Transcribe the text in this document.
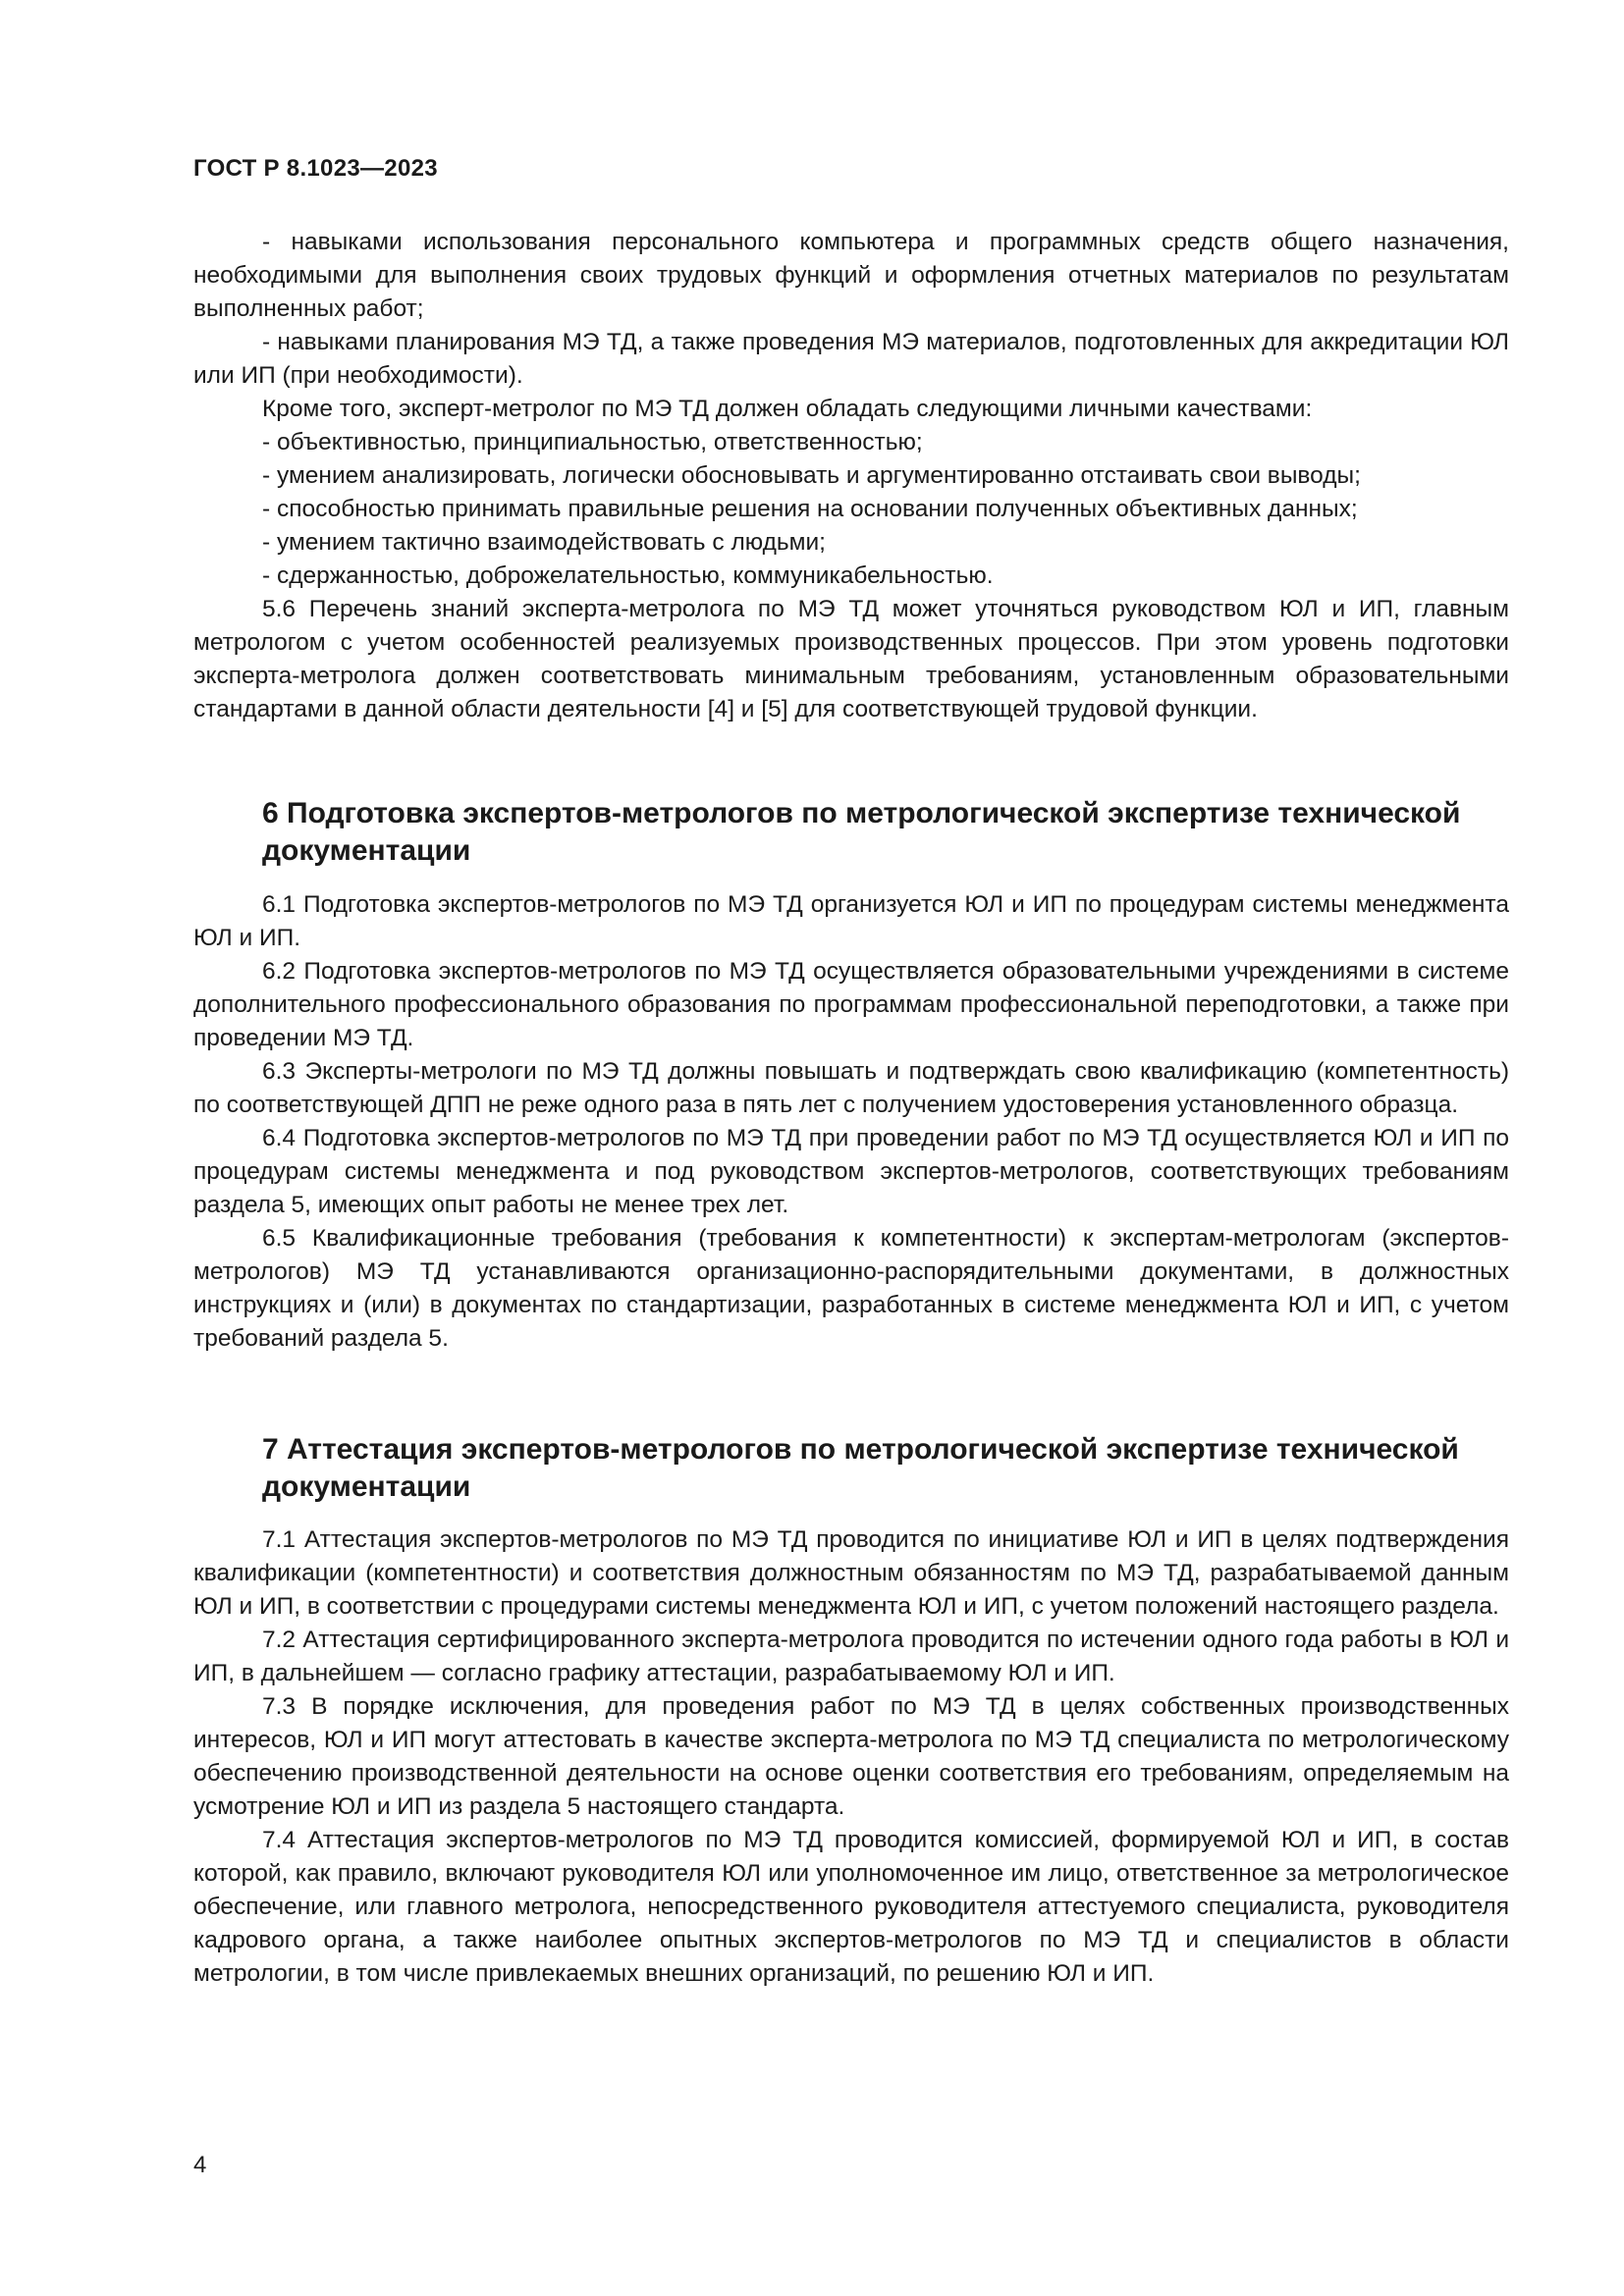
ГОСТ Р 8.1023—2023

- навыками использования персонального компьютера и программных средств общего назначения, необходимыми для выполнения своих трудовых функций и оформления отчетных материалов по результатам выполненных работ;

- навыками планирования МЭ ТД, а также проведения МЭ материалов, подготовленных для аккредитации ЮЛ или ИП (при необходимости).

Кроме того, эксперт-метролог по МЭ ТД должен обладать следующими личными качествами:

- объективностью, принципиальностью, ответственностью;

- умением анализировать, логически обосновывать и аргументированно отстаивать свои выводы;

- способностью принимать правильные решения на основании полученных объективных данных;

- умением тактично взаимодействовать с людьми;

- сдержанностью, доброжелательностью, коммуникабельностью.

5.6 Перечень знаний эксперта-метролога по МЭ ТД может уточняться руководством ЮЛ и ИП, главным метрологом с учетом особенностей реализуемых производственных процессов. При этом уровень подготовки эксперта-метролога должен соответствовать минимальным требованиям, установленным образовательными стандартами в данной области деятельности [4] и [5] для соответствующей трудовой функции.

6 Подготовка экспертов-метрологов по метрологической экспертизе технической документации

6.1 Подготовка экспертов-метрологов по МЭ ТД организуется ЮЛ и ИП по процедурам системы менеджмента ЮЛ и ИП.

6.2 Подготовка экспертов-метрологов по МЭ ТД осуществляется образовательными учреждениями в системе дополнительного профессионального образования по программам профессиональной переподготовки, а также при проведении МЭ ТД.

6.3 Эксперты-метрологи по МЭ ТД должны повышать и подтверждать свою квалификацию (компетентность) по соответствующей ДПП не реже одного раза в пять лет с получением удостоверения установленного образца.

6.4 Подготовка экспертов-метрологов по МЭ ТД при проведении работ по МЭ ТД осуществляется ЮЛ и ИП по процедурам системы менеджмента и под руководством экспертов-метрологов, соответствующих требованиям раздела 5, имеющих опыт работы не менее трех лет.

6.5 Квалификационные требования (требования к компетентности) к экспертам-метрологам (экспертов-метрологов) МЭ ТД устанавливаются организационно-распорядительными документами, в должностных инструкциях и (или) в документах по стандартизации, разработанных в системе менеджмента ЮЛ и ИП, с учетом требований раздела 5.

7 Аттестация экспертов-метрологов по метрологической экспертизе технической документации

7.1 Аттестация экспертов-метрологов по МЭ ТД проводится по инициативе ЮЛ и ИП в целях подтверждения квалификации (компетентности) и соответствия должностным обязанностям по МЭ ТД, разрабатываемой данным ЮЛ и ИП, в соответствии с процедурами системы менеджмента ЮЛ и ИП, с учетом положений настоящего раздела.

7.2 Аттестация сертифицированного эксперта-метролога проводится по истечении одного года работы в ЮЛ и ИП, в дальнейшем — согласно графику аттестации, разрабатываемому ЮЛ и ИП.

7.3 В порядке исключения, для проведения работ по МЭ ТД в целях собственных производственных интересов, ЮЛ и ИП могут аттестовать в качестве эксперта-метролога по МЭ ТД специалиста по метрологическому обеспечению производственной деятельности на основе оценки соответствия его требованиям, определяемым на усмотрение ЮЛ и ИП из раздела 5 настоящего стандарта.

7.4 Аттестация экспертов-метрологов по МЭ ТД проводится комиссией, формируемой ЮЛ и ИП, в состав которой, как правило, включают руководителя ЮЛ или уполномоченное им лицо, ответственное за метрологическое обеспечение, или главного метролога, непосредственного руководителя аттестуемого специалиста, руководителя кадрового органа, а также наиболее опытных экспертов-метрологов по МЭ ТД и специалистов в области метрологии, в том числе привлекаемых внешних организаций, по решению ЮЛ и ИП.

4
